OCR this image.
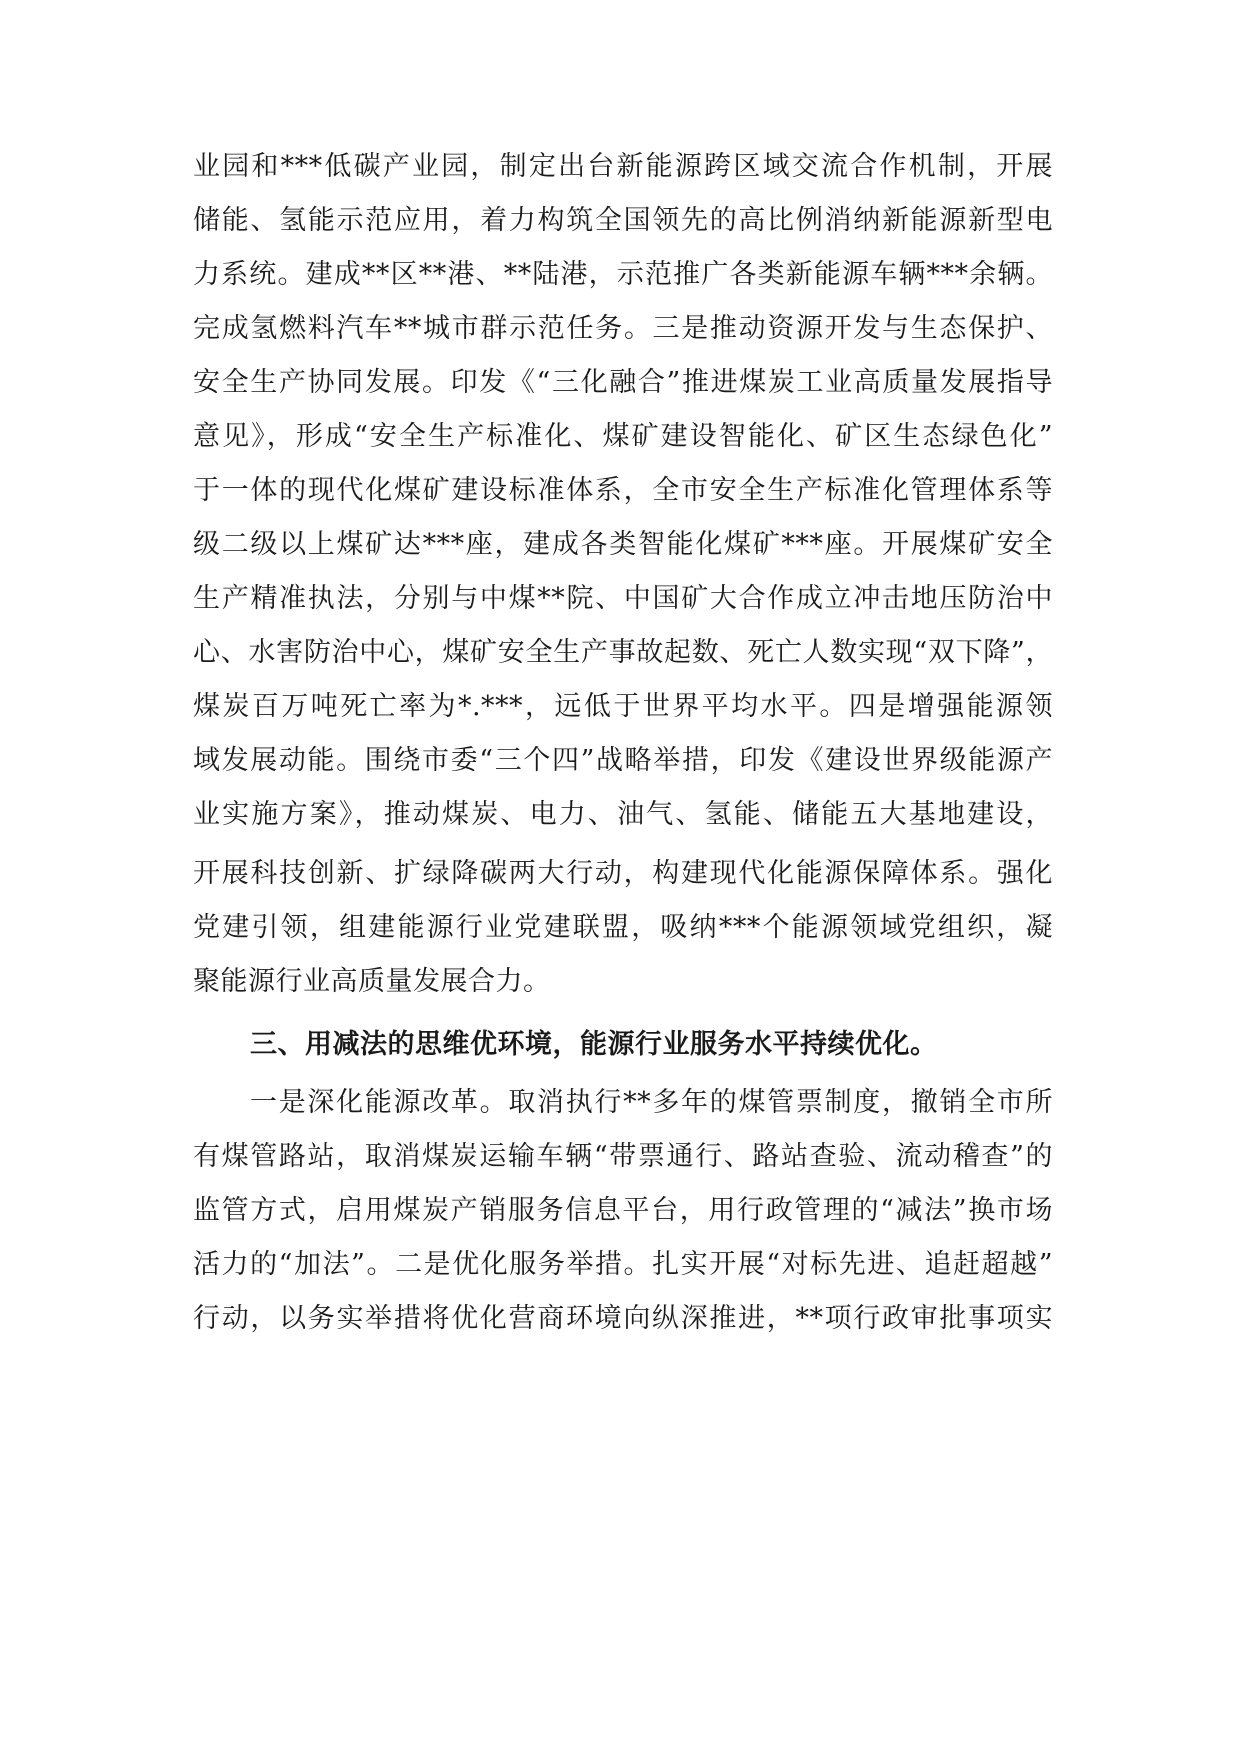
业园和***低碳产业园，制定出台新能源跨区域交流合作机制，开展
储能、氢能示范应用，着力构筑全国领先的高比例消纳新能源新型电
力系统。建成**区**港、**陆港，示范推广各类新能源车辆***余辆。
完成氢燃料汽车**城市群示范任务。三是推动资源开发与生态保护、
安全生产协同发展。印发《“三化融合”推进煤炭工业高质量发展指导
意见》，形成“安全生产标准化、煤矿建设智能化、矿区生态绿色化”
于一体的现代化煤矿建设标准体系，全市安全生产标准化管理体系等
级二级以上煤矿达***座，建成各类智能化煤矿***座。开展煤矿安全
生产精准执法，分别与中煤**院、中国矿大合作成立冲击地压防治中
心、水害防治中心，煤矿安全生产事故起数、死亡人数实现“双下降”，
煤炭百万吨死亡率为*.***，远低于世界平均水平。四是增强能源领
域发展动能。围绕市委“三个四”战略举措，印发《建设世界级能源产
业实施方案》，推动煤炭、电力、油气、氢能、储能五大基地建设，
开展科技创新、扩绿降碳两大行动，构建现代化能源保障体系。强化
党建引领，组建能源行业党建联盟，吸纳***个能源领域党组织，凝
聚能源行业高质量发展合力。
三、用减法的思维优环境，能源行业服务水平持续优化。
一是深化能源改革。取消执行**多年的煤管票制度，撤销全市所
有煤管路站，取消煤炭运输车辆“带票通行、路站查验、流动稽查”的
监管方式，启用煤炭产销服务信息平台，用行政管理的“减法”换市场
活力的“加法”。二是优化服务举措。扎实开展“对标先进、追赶超越”
行动，以务实举措将优化营商环境向纵深推进，**项行政审批事项实
